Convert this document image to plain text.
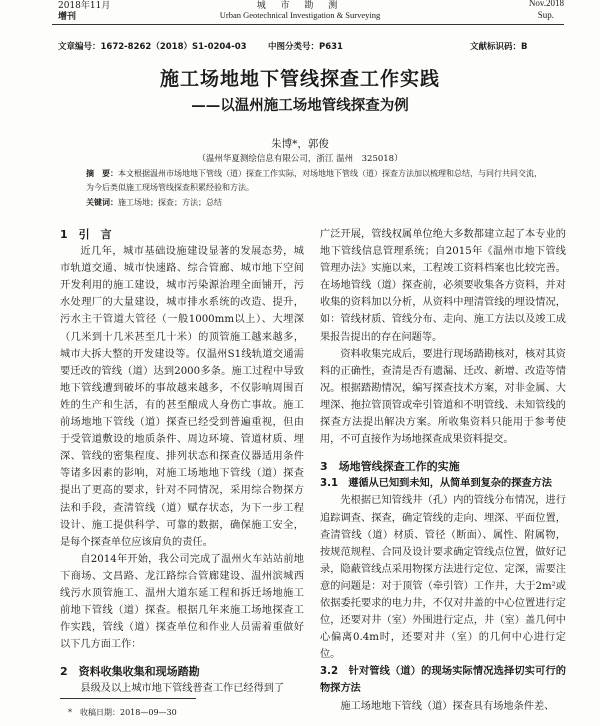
2018年11月
增刊
城 市 勘 测
Urban Geotechnical Investigation & Surveying
Nov.2018
Sup.
文章编号：1672-8262（2018）S1-0204-03	中图分类号：P631	文献标识码：B
施工场地地下管线探查工作实践
——以温州施工场地管线探查为例
朱博*，郭俊
（温州华夏测绘信息有限公司，浙江 温州　325018）
摘　要：本文根据温州市场地地下管线（道）探查工作实际，对场地地下管线（道）探查方法加以梳理和总结，与同行共同交流，为今后类似施工现场管线探查积累经验和方法。
关键词：施工场地；探查；方法；总结
1　引　言

近几年，城市基础设施建设显著的发展态势，城市轨道交通、城市快速路、综合管廊、城市地下空间开发利用的施工建设，城市污染源治理全面铺开，污水处理厂的大量建设，城市排水系统的改造、提升，污水主干管道大管径（一般1000mm以上）、大埋深（几米到十几米甚至几十米）的顶管施工越来越多，城市大拆大整的开发建设等。仅温州S1线轨道交通需要迁改的管线（道）达到2000多条。施工过程中导致地下管线遭到破坏的事故越来越多，不仅影响周围百姓的生产和生活，有的甚至酿成人身伤亡事故。施工前场地地下管线（道）探查已经受到普遍重视，但由于受管道敷设的地质条件、周边环境、管道材质、埋深、管线的密集程度、排列状态和探查仪器适用条件等诸多因素的影响，对施工场地地下管线（道）探查提出了更高的要求，针对不同情况，采用综合物探方法和手段，查清管线（道）赋存状态，为下一步工程设计、施工提供科学、可靠的数据，确保施工安全，是每个探查单位应该肩负的责任。

自2014年开始，我公司完成了温州火车站站前地下商场、文昌路、龙江路综合管廊建设、温州滨城西线污水顶管施工、温州大道东延工程和拆迁场地施工前地下管线（道）探查。根据几年来施工场地探查工作实践，管线（道）探查单位和作业人员需着重做好以下几方面工作：

2　资料收集收集和现场踏勘

县级及以上城市地下管线普查工作已经得到了

广泛开展，管线权属单位绝大多数都建立起了本专业的地下管线信息管理系统；自2015年《温州市地下管线管理办法》实施以来，工程竣工资料档案也比较完善。在场地管线（道）探查前，必须要收集各方资料，并对收集的资料加以分析，从资料中理清管线的埋设情况，如：管线材质、管线分布、走向、施工方法以及竣工成果报告提出的存在问题等。

资料收集完成后，要进行现场踏勘核对，核对其资料的正确性，查清是否有遗漏、迁改、新增、改造等情况。根据踏勘情况，编写探查技术方案，对非金属、大埋深、拖拉管顶管或牵引管道和不明管线、未知管线的探查方法提出解决方案。所收集资料只能用于参考使用，不可直接作为场地探查成果资料提交。

3　场地管线探查工作的实施
3.1　遵循从已知到未知，从简单到复杂的探查方法

先根据已知管线井（孔）内的管线分布情况，进行追踪调查、探查，确定管线的走向、埋深、平面位置，查清管线（道）材质、管径（断面）、属性、附属物，按规范规程、合同及设计要求确定管线点位置，做好记录，隐蔽管线点采用物探方法进行定位、定深，需要注意的问题是：对于顶管（牵引管）工作井，大于2m²或依据委托要求的电力井，不仅对井盖的中心位置进行定位，还要对井（室）外围进行定点，井（室）盖几何中心偏离0.4m时，还要对井（室）的几何中心进行定位。

3.2　针对管线（道）的现场实际情况选择切实可行的物探方法

施工场地地下管线（道）探查具有场地条件差、

*　收稿日期：2018—09—30
